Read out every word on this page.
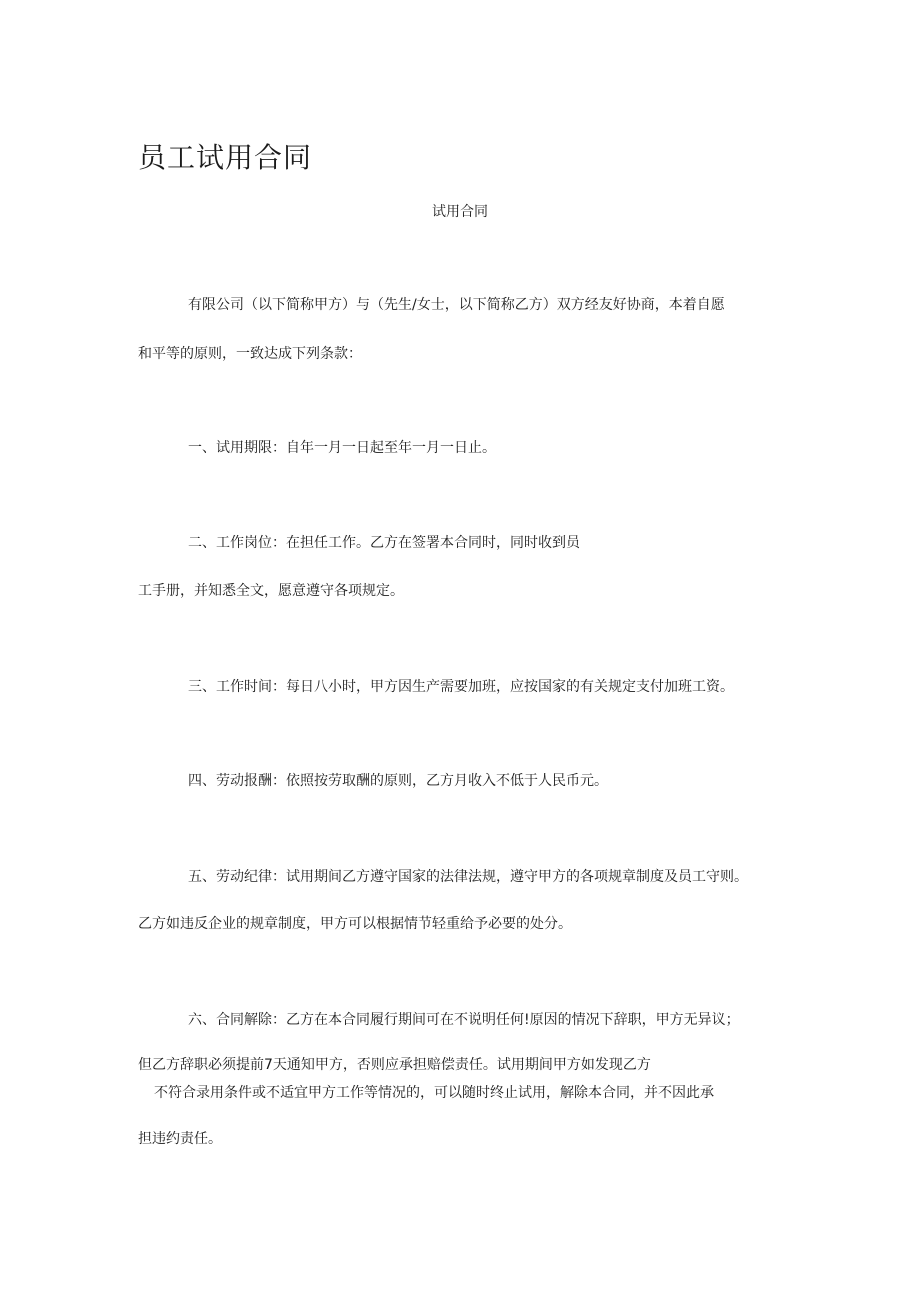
员工试用合同

试用合同

有限公司（以下简称甲方）与（先生/女士，以下简称乙方）双方经友好协商，本着自愿

和平等的原则，一致达成下列条款：

一、试用期限：自年一月一日起至年一月一日止。

二、工作岗位：在担任工作。乙方在签署本合同时，同时收到员

工手册，并知悉全文，愿意遵守各项规定。

三、工作时间：每日八小时，甲方因生产需要加班，应按国家的有关规定支付加班工资。

四、劳动报酬：依照按劳取酬的原则，乙方月收入不低于人民币元。

五、劳动纪律：试用期间乙方遵守国家的法律法规，遵守甲方的各项规章制度及员工守则。

乙方如违反企业的规章制度，甲方可以根据情节轻重给予必要的处分。

六、合同解除：乙方在本合同履行期间可在不说明任何!原因的情况下辞职，甲方无异议；

但乙方辞职必须提前7天通知甲方，否则应承担赔偿责任。试用期间甲方如发现乙方

不符合录用条件或不适宜甲方工作等情况的，可以随时终止试用，解除本合同，并不因此承

担违约责任。
